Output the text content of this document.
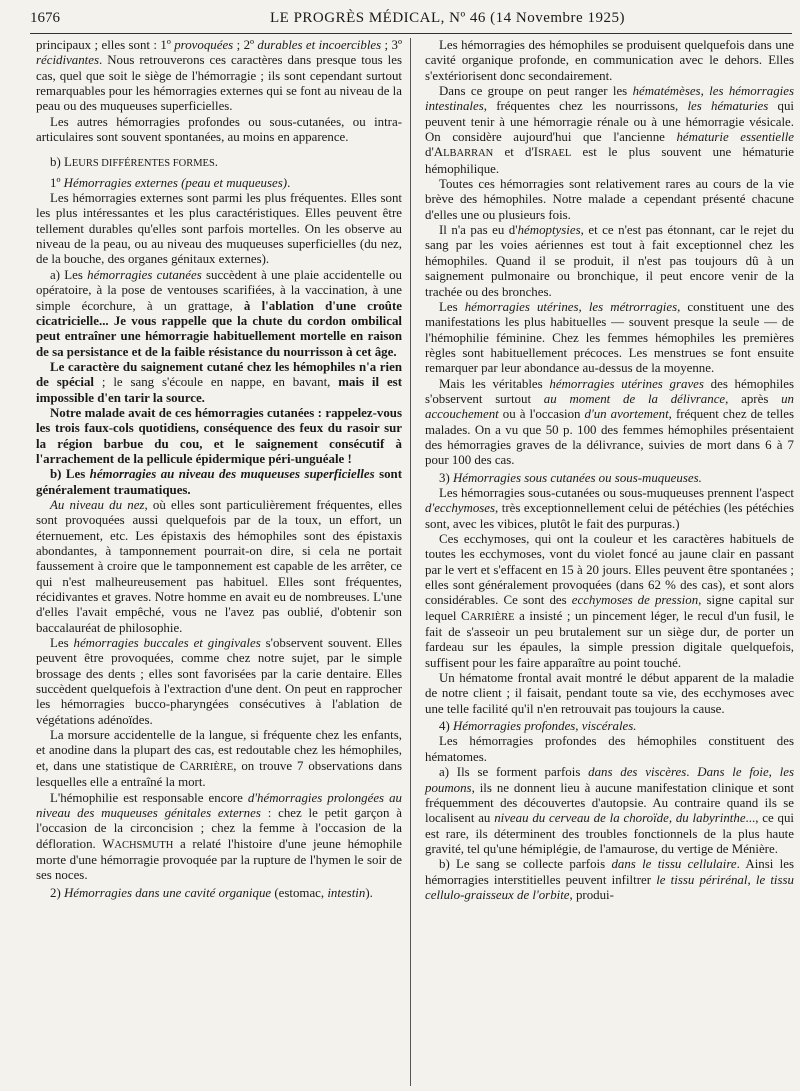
1676	LE PROGRÈS MÉDICAL, Nº 46 (14 Novembre 1925)

principaux ; elles sont : 1º provoquées ; 2º durables et incoercibles ; 3º récidivantes. Nous retrouverons ces caractères dans presque tous les cas, quel que soit le siège de l'hémorragie ; ils sont cependant surtout remarquables pour les hémorragies externes qui se font au niveau de la peau ou des muqueuses superficielles.

Les autres hémorragies profondes ou sous-cutanées, ou intra-articulaires sont souvent spontanées, au moins en apparence.

b) LEURS DIFFÉRENTES FORMES.

1º Hémorragies externes (peau et muqueuses).

Les hémorragies externes sont parmi les plus fréquentes. Elles sont les plus intéressantes et les plus caractéristiques. Elles peuvent être tellement durables qu'elles sont parfois mortelles. On les observe au niveau de la peau, ou au niveau des muqueuses superficielles (du nez, de la bouche, des organes génitaux externes).

a) Les hémorragies cutanées succèdent à une plaie accidentelle ou opératoire, à la pose de ventouses scarifiées, à la vaccination, à une simple écorchure, à un grattage, à l'ablation d'une croûte cicatricielle... Je vous rappelle que la chute du cordon ombilical peut entraîner une hémorragie habituellement mortelle en raison de sa persistance et de la faible résistance du nourrisson à cet âge.

Le caractère du saignement cutané chez les hémophiles n'a rien de spécial ; le sang s'écoule en nappe, en bavant, mais il est impossible d'en tarir la source.

Notre malade avait de ces hémorragies cutanées : rappelez-vous les trois faux-cols quotidiens, conséquence des feux du rasoir sur la région barbue du cou, et le saignement consécutif à l'arrachement de la pellicule épidermique péri-unguéale !

b) Les hémorragies au niveau des muqueuses superficielles sont généralement traumatiques.

Au niveau du nez, où elles sont particulièrement fréquentes, elles sont provoquées aussi quelquefois par de la toux, un effort, un éternuement, etc. Les épistaxis des hémophiles sont des épistaxis abondantes, à tamponnement pourrait-on dire, si cela ne portait faussement à croire que le tamponnement est capable de les arrêter, ce qui n'est malheureusement pas habituel. Elles sont fréquentes, récidivantes et graves. Notre homme en avait eu de nombreuses. L'une d'elles l'avait empêché, vous ne l'avez pas oublié, d'obtenir son baccalauréat de philosophie.

Les hémorragies buccales et gingivales s'observent souvent. Elles peuvent être provoquées, comme chez notre sujet, par le simple brossage des dents ; elles sont favorisées par la carie dentaire. Elles succèdent quelquefois à l'extraction d'une dent. On peut en rapprocher les hémorragies bucco-pharyngées consécutives à l'ablation de végétations adénoïdes.

La morsure accidentelle de la langue, si fréquente chez les enfants, et anodine dans la plupart des cas, est redoutable chez les hémophiles, et, dans une statistique de CARRIÈRE, on trouve 7 observations dans lesquelles elle a entraîné la mort.

L'hémophilie est responsable encore d'hémorragies prolongées au niveau des muqueuses génitales externes : chez le petit garçon à l'occasion de la circoncision ; chez la femme à l'occasion de la défloration. WACHSMUTH a relaté l'histoire d'une jeune hémophile morte d'une hémorragie provoquée par la rupture de l'hymen le soir de ses noces.

2) Hémorragies dans une cavité organique (estomac, intestin).

Les hémorragies des hémophiles se produisent quelquefois dans une cavité organique profonde, en communication avec le dehors. Elles s'extériorisent donc secondairement.

Dans ce groupe on peut ranger les hématémèses, les hémorragies intestinales, fréquentes chez les nourrissons, les hématuries qui peuvent tenir à une hémorragie rénale ou à une hémorragie vésicale. On considère aujourd'hui que l'ancienne hématurie essentielle d'ALBARRAN et d'ISRAEL est le plus souvent une hématurie hémophilique.

Toutes ces hémorragies sont relativement rares au cours de la vie brève des hémophiles. Notre malade a cependant présenté chacune d'elles une ou plusieurs fois.

Il n'a pas eu d'hémoptysies, et ce n'est pas étonnant, car le rejet du sang par les voies aériennes est tout à fait exceptionnel chez les hémophiles. Quand il se produit, il n'est pas toujours dû à un saignement pulmonaire ou bronchique, il peut encore venir de la trachée ou des bronches.

Les hémorragies utérines, les métrorragies, constituent une des manifestations les plus habituelles — souvent presque la seule — de l'hémophilie féminine. Chez les femmes hémophiles les premières règles sont habituellement précoces. Les menstrues se font ensuite remarquer par leur abondance au-dessus de la moyenne.

Mais les véritables hémorragies utérines graves des hémophiles s'observent surtout au moment de la délivrance, après un accouchement ou à l'occasion d'un avortement, fréquent chez de telles malades. On a vu que 50 p. 100 des femmes hémophiles présentaient des hémorragies graves de la délivrance, suivies de mort dans 6 à 7 pour 100 des cas.

3) Hémorragies sous cutanées ou sous-muqueuses.

Les hémorragies sous-cutanées ou sous-muqueuses prennent l'aspect d'ecchymoses, très exceptionnellement celui de pétéchies (les pétéchies sont, avec les vibices, plutôt le fait des purpuras.)

Ces ecchymoses, qui ont la couleur et les caractères habituels de toutes les ecchymoses, vont du violet foncé au jaune clair en passant par le vert et s'effacent en 15 à 20 jours. Elles peuvent être spontanées ; elles sont généralement provoquées (dans 62 % des cas), et sont alors considérables. Ce sont des ecchymoses de pression, signe capital sur lequel CARRIÈRE a insisté ; un pincement léger, le recul d'un fusil, le fait de s'asseoir un peu brutalement sur un siège dur, de porter un fardeau sur les épaules, la simple pression digitale quelquefois, suffisent pour les faire apparaître au point touché.

Un hématome frontal avait montré le début apparent de la maladie de notre client ; il faisait, pendant toute sa vie, des ecchymoses avec une telle facilité qu'il n'en retrouvait pas toujours la cause.

4) Hémorragies profondes, viscérales.

Les hémorragies profondes des hémophiles constituent des hématomes.

a) Ils se forment parfois dans des viscères. Dans le foie, les poumons, ils ne donnent lieu à aucune manifestation clinique et sont fréquemment des découvertes d'autopsie. Au contraire quand ils se localisent au niveau du cerveau de la choroïde, du labyrinthe..., ce qui est rare, ils déterminent des troubles fonctionnels de la plus haute gravité, tel qu'une hémiplégie, de l'amaurose, du vertige de Ménière.

b) Le sang se collecte parfois dans le tissu cellulaire. Ainsi les hémorragies interstitielles peuvent infiltrer le tissu périrénal, le tissu cellulo-graisseux de l'orbite, produi-
